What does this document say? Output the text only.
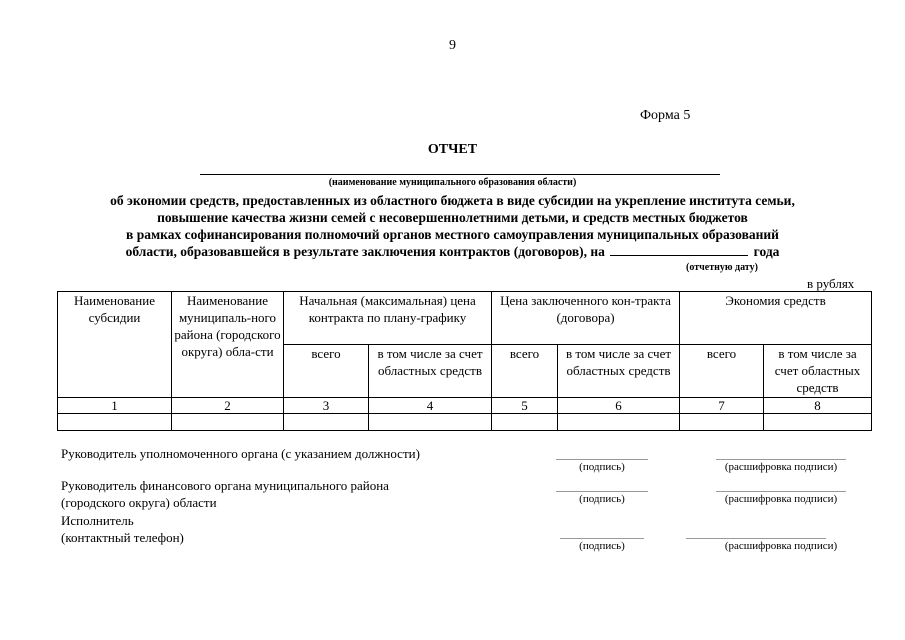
9
Форма 5
ОТЧЕТ
(наименование муниципального образования области)
об экономии средств, предоставленных из областного бюджета в виде субсидии на укрепление института семьи,
повышение качества жизни семей с несовершеннолетними детьми, и средств местных бюджетов
в рамках софинансирования полномочий органов местного самоуправления муниципальных образований
области, образовавшейся в результате заключения контрактов (договоров), на	года
(отчетную дату)
в рублях
Наименование субсидии	Наименование муниципаль-ного района (городского округа) обла-сти	Начальная (максимальная) цена контракта по плану-графику		Цена заключенного кон-тракта (договора)		Экономия средств	
		всего	в том числе за счет областных средств	всего	в том числе за счет областных средств	всего	в том числе за счет областных средств
1	2	3	4	5	6	7	8

Руководитель уполномоченного органа (с указанием должности)
(подпись)	(расшифровка подписи)
Руководитель финансового органа муниципального района
(городского округа) области	(подпись)	(расшифровка подписи)
Исполнитель
(контактный телефон)
(подпись)	(расшифровка подписи)
